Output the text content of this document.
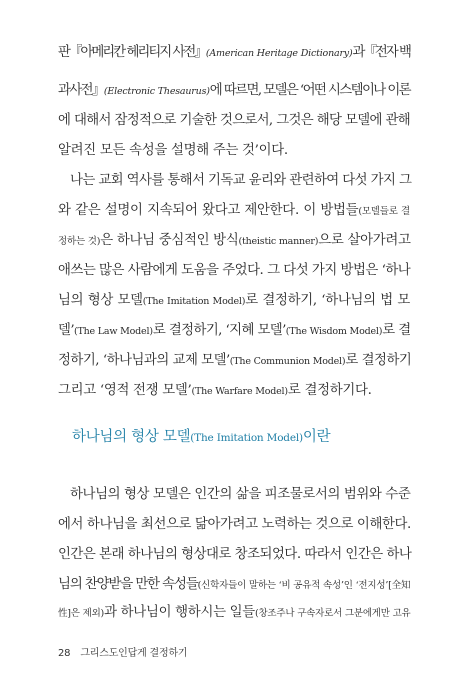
판『아메리칸 헤리티지 사전』(American Heritage Dictionary)과『전자 백

과사전』(Electronic Thesaurus)에 따르면, 모델은 ‘어떤 시스템이나 이론

에 대해서 잠정적으로 기술한 것으로서, 그것은 해당 모델에 관해

알려진 모든 속성을 설명해 주는 것’이다.

나는 교회 역사를 통해서 기독교 윤리와 관련하여 다섯 가지 그

와 같은 설명이 지속되어 왔다고 제안한다. 이 방법들(모델들로 결

정하는 것)은 하나님 중심적인 방식(theistic manner)으로 살아가려고

애쓰는 많은 사람에게 도움을 주었다. 그 다섯 가지 방법은 ‘하나

님의 형상 모델(The Imitation Model)로 결정하기, ‘하나님의 법 모

델’(The Law Model)로 결정하기, ‘지혜 모델’(The Wisdom Model)로 결

정하기, ‘하나님과의 교제 모델’(The Communion Model)로 결정하기

그리고 ‘영적 전쟁 모델’(The Warfare Model)로 결정하기다.

하나님의 형상 모델(The Imitation Model)이란

하나님의 형상 모델은 인간의 삶을 피조물로서의 범위와 수준

에서 하나님을 최선으로 닮아가려고 노력하는 것으로 이해한다.

인간은 본래 하나님의 형상대로 창조되었다. 따라서 인간은 하나

님의 찬양받을 만한 속성들(신학자들이 말하는 ‘비 공유적 속성’인 ‘전지성’[全知

性]은 제외)과 하나님이 행하시는 일들(창조주나 구속자로서 그분에게만 고유

28 그리스도인답게 결정하기
